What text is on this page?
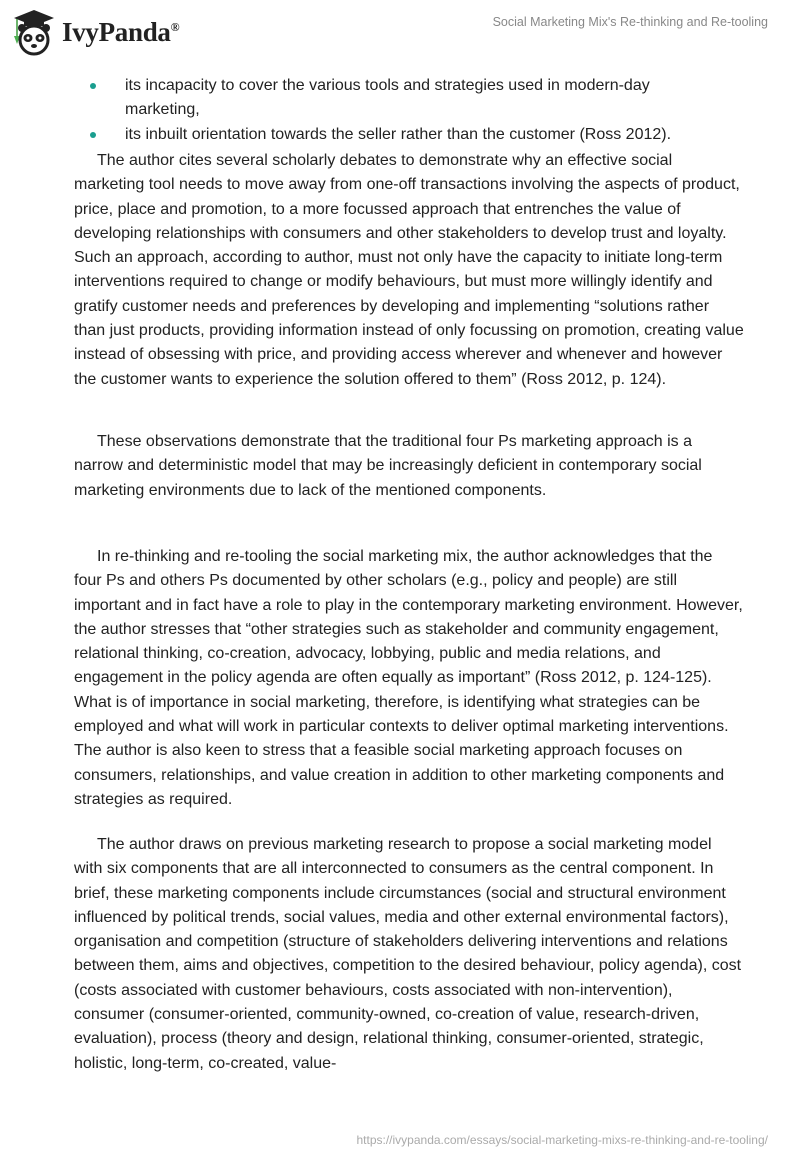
IvyPanda®	Social Marketing Mix's Re-thinking and Re-tooling
its incapacity to cover the various tools and strategies used in modern-day marketing,
its inbuilt orientation towards the seller rather than the customer (Ross 2012).

The author cites several scholarly debates to demonstrate why an effective social marketing tool needs to move away from one-off transactions involving the aspects of product, price, place and promotion, to a more focussed approach that entrenches the value of developing relationships with consumers and other stakeholders to develop trust and loyalty. Such an approach, according to author, must not only have the capacity to initiate long-term interventions required to change or modify behaviours, but must more willingly identify and gratify customer needs and preferences by developing and implementing “solutions rather than just products, providing information instead of only focussing on promotion, creating value instead of obsessing with price, and providing access wherever and whenever and however the customer wants to experience the solution offered to them” (Ross 2012, p. 124).

These observations demonstrate that the traditional four Ps marketing approach is a narrow and deterministic model that may be increasingly deficient in contemporary social marketing environments due to lack of the mentioned components.

In re-thinking and re-tooling the social marketing mix, the author acknowledges that the four Ps and others Ps documented by other scholars (e.g., policy and people) are still important and in fact have a role to play in the contemporary marketing environment. However, the author stresses that “other strategies such as stakeholder and community engagement, relational thinking, co-creation, advocacy, lobbying, public and media relations, and engagement in the policy agenda are often equally as important” (Ross 2012, p. 124-125). What is of importance in social marketing, therefore, is identifying what strategies can be employed and what will work in particular contexts to deliver optimal marketing interventions. The author is also keen to stress that a feasible social marketing approach focuses on consumers, relationships, and value creation in addition to other marketing components and strategies as required.

The author draws on previous marketing research to propose a social marketing model with six components that are all interconnected to consumers as the central component. In brief, these marketing components include circumstances (social and structural environment influenced by political trends, social values, media and other external environmental factors), organisation and competition (structure of stakeholders delivering interventions and relations between them, aims and objectives, competition to the desired behaviour, policy agenda), cost (costs associated with customer behaviours, costs associated with non-intervention), consumer (consumer-oriented, community-owned, co-creation of value, research-driven, evaluation), process (theory and design, relational thinking, consumer-oriented, strategic, holistic, long-term, co-created, value-

https://ivypanda.com/essays/social-marketing-mixs-re-thinking-and-re-tooling/
